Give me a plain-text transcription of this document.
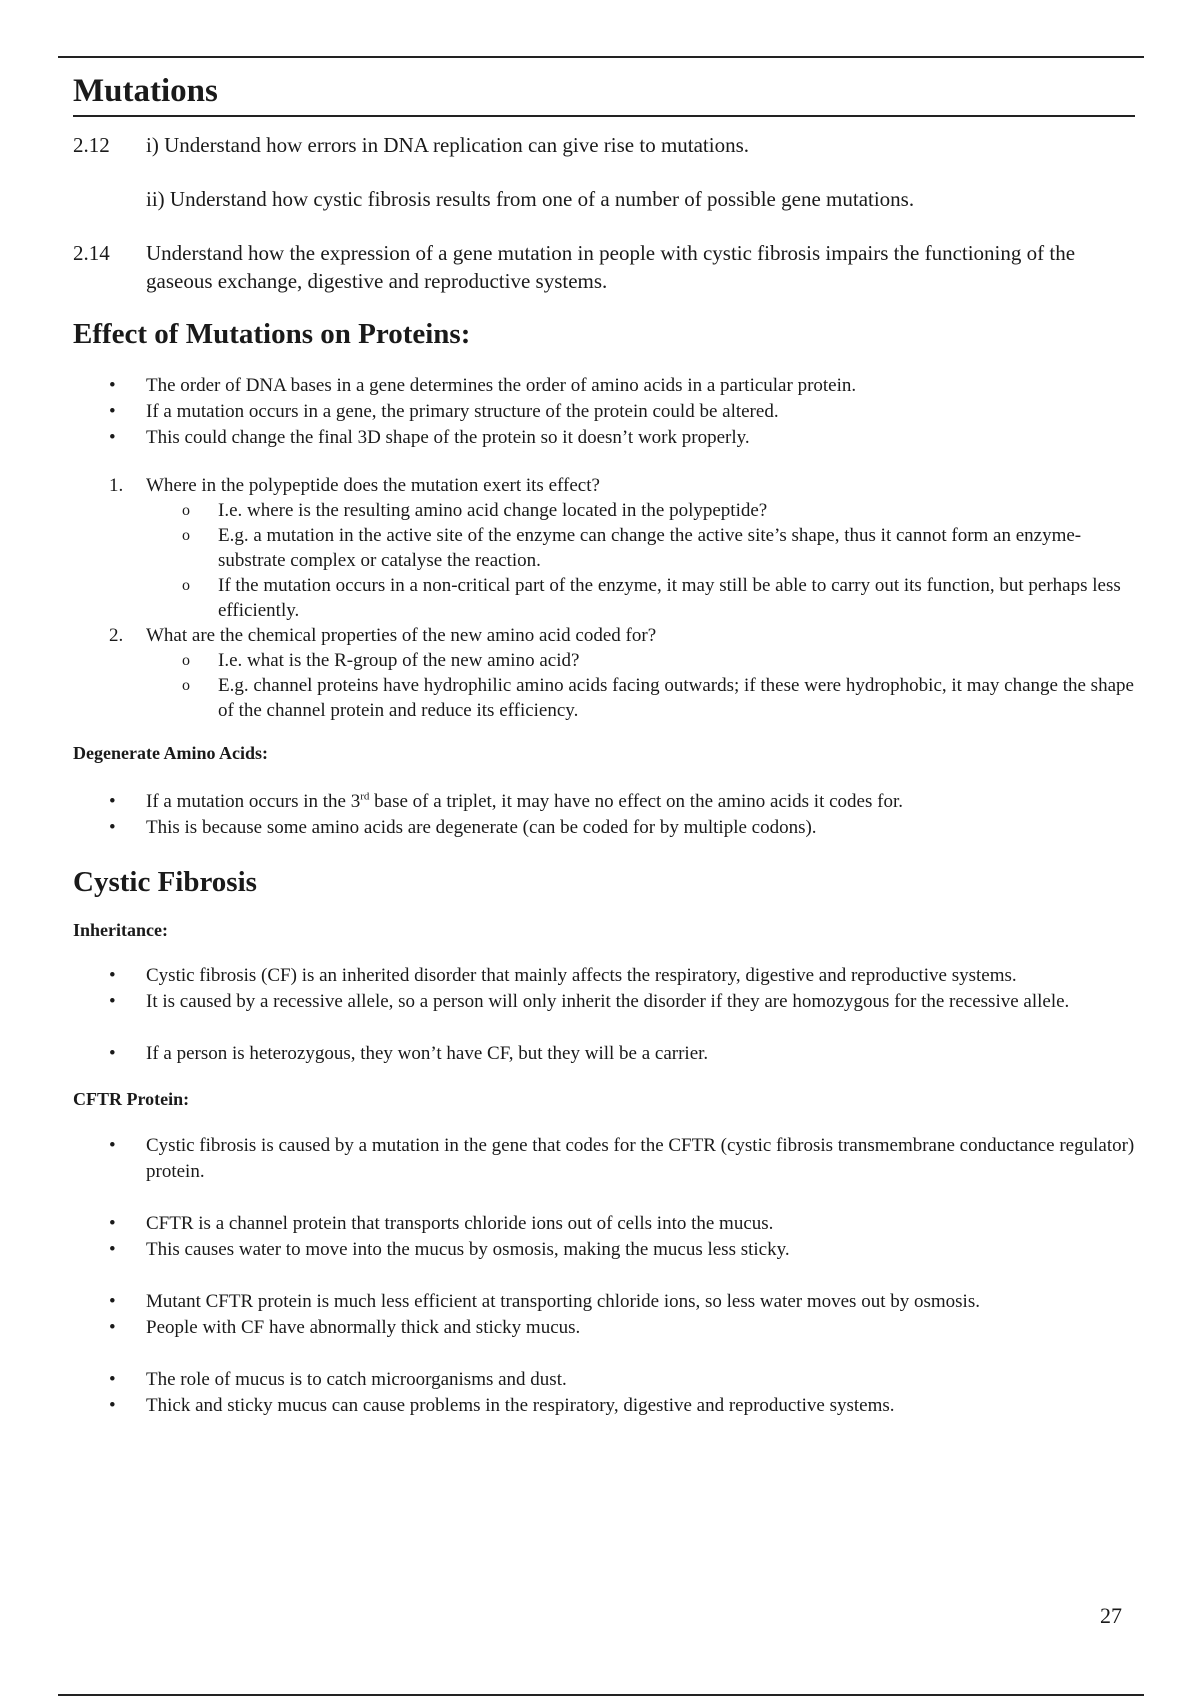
Mutations
2.12	i) Understand how errors in DNA replication can give rise to mutations.
ii) Understand how cystic fibrosis results from one of a number of possible gene mutations.
2.14	Understand how the expression of a gene mutation in people with cystic fibrosis impairs the functioning of the gaseous exchange, digestive and reproductive systems.
Effect of Mutations on Proteins:
• The order of DNA bases in a gene determines the order of amino acids in a particular protein.
• If a mutation occurs in a gene, the primary structure of the protein could be altered.
• This could change the final 3D shape of the protein so it doesn’t work properly.
1. Where in the polypeptide does the mutation exert its effect?
o I.e. where is the resulting amino acid change located in the polypeptide?
o E.g. a mutation in the active site of the enzyme can change the active site’s shape, thus it cannot form an enzyme-substrate complex or catalyse the reaction.
o If the mutation occurs in a non-critical part of the enzyme, it may still be able to carry out its function, but perhaps less efficiently.
2. What are the chemical properties of the new amino acid coded for?
o I.e. what is the R-group of the new amino acid?
o E.g. channel proteins have hydrophilic amino acids facing outwards; if these were hydrophobic, it may change the shape of the channel protein and reduce its efficiency.
Degenerate Amino Acids:
• If a mutation occurs in the 3rd base of a triplet, it may have no effect on the amino acids it codes for.
• This is because some amino acids are degenerate (can be coded for by multiple codons).
Cystic Fibrosis
Inheritance:
• Cystic fibrosis (CF) is an inherited disorder that mainly affects the respiratory, digestive and reproductive systems.
• It is caused by a recessive allele, so a person will only inherit the disorder if they are homozygous for the recessive allele.
• If a person is heterozygous, they won’t have CF, but they will be a carrier.
CFTR Protein:
• Cystic fibrosis is caused by a mutation in the gene that codes for the CFTR (cystic fibrosis transmembrane conductance regulator) protein.
• CFTR is a channel protein that transports chloride ions out of cells into the mucus.
• This causes water to move into the mucus by osmosis, making the mucus less sticky.
• Mutant CFTR protein is much less efficient at transporting chloride ions, so less water moves out by osmosis.
• People with CF have abnormally thick and sticky mucus.
• The role of mucus is to catch microorganisms and dust.
• Thick and sticky mucus can cause problems in the respiratory, digestive and reproductive systems.
27
